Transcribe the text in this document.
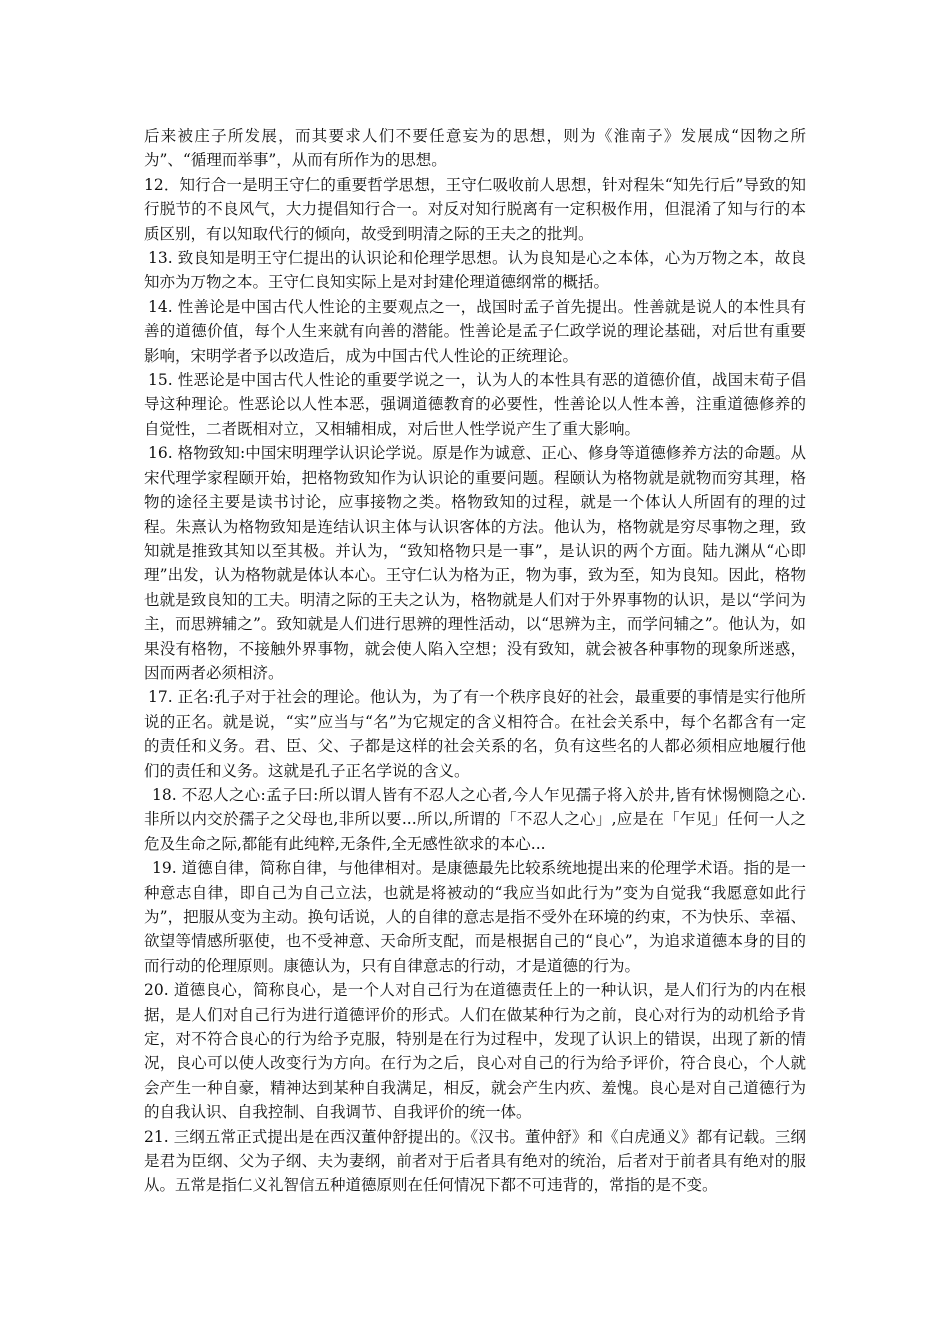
后来被庄子所发展，而其要求人们不要任意妄为的思想，则为《淮南子》发展成“因物之所为”、“循理而举事”，从而有所作为的思想。

12．知行合一是明王守仁的重要哲学思想，王守仁吸收前人思想，针对程朱“知先行后”导致的知行脱节的不良风气，大力提倡知行合一。对反对知行脱离有一定积极作用，但混淆了知与行的本质区别，有以知取代行的倾向，故受到明清之际的王夫之的批判。

13. 致良知是明王守仁提出的认识论和伦理学思想。认为良知是心之本体，心为万物之本，故良知亦为万物之本。王守仁良知实际上是对封建伦理道德纲常的概括。

14. 性善论是中国古代人性论的主要观点之一，战国时孟子首先提出。性善就是说人的本性具有善的道德价值，每个人生来就有向善的潜能。性善论是孟子仁政学说的理论基础，对后世有重要影响，宋明学者予以改造后，成为中国古代人性论的正统理论。

15. 性恶论是中国古代人性论的重要学说之一，认为人的本性具有恶的道德价值，战国末荀子倡导这种理论。性恶论以人性本恶，强调道德教育的必要性，性善论以人性本善，注重道德修养的自觉性，二者既相对立，又相辅相成，对后世人性学说产生了重大影响。

16. 格物致知:中国宋明理学认识论学说。原是作为诚意、正心、修身等道德修养方法的命题。从宋代理学家程颐开始，把格物致知作为认识论的重要问题。程颐认为格物就是就物而穷其理，格物的途径主要是读书讨论，应事接物之类。格物致知的过程，就是一个体认人所固有的理的过程。朱熹认为格物致知是连结认识主体与认识客体的方法。他认为，格物就是穷尽事物之理，致知就是推致其知以至其极。并认为，“致知格物只是一事”，是认识的两个方面。陆九渊从“心即理”出发，认为格物就是体认本心。王守仁认为格为正，物为事，致为至，知为良知。因此，格物也就是致良知的工夫。明清之际的王夫之认为，格物就是人们对于外界事物的认识，是以“学问为主，而思辨辅之”。致知就是人们进行思辨的理性活动，以“思辨为主，而学问辅之”。他认为，如果没有格物，不接触外界事物，就会使人陷入空想；没有致知，就会被各种事物的现象所迷惑，因而两者必须相济。

17. 正名:孔子对于社会的理论。他认为，为了有一个秩序良好的社会，最重要的事情是实行他所说的正名。就是说，“实”应当与“名”为它规定的含义相符合。在社会关系中，每个名都含有一定的责任和义务。君、臣、父、子都是这样的社会关系的名，负有这些名的人都必须相应地履行他们的责任和义务。这就是孔子正名学说的含义。

18. 不忍人之心:孟子曰:所以谓人皆有不忍人之心者,今人乍见孺子将入於井,皆有怵惕恻隐之心.非所以内交於孺子之父母也,非所以要...所以,所谓的「不忍人之心」,应是在「乍见」任何一人之危及生命之际,都能有此纯粹,无条件,全无感性欲求的本心...

19. 道德自律，简称自律，与他律相对。是康德最先比较系统地提出来的伦理学术语。指的是一种意志自律，即自己为自己立法，也就是将被动的“我应当如此行为”变为自觉我“我愿意如此行为”，把服从变为主动。换句话说，人的自律的意志是指不受外在环境的约束，不为快乐、幸福、欲望等情感所驱使，也不受神意、天命所支配，而是根据自己的“良心”，为追求道德本身的目的而行动的伦理原则。康德认为，只有自律意志的行动，才是道德的行为。

20. 道德良心，简称良心，是一个人对自己行为在道德责任上的一种认识，是人们行为的内在根据，是人们对自己行为进行道德评价的形式。人们在做某种行为之前，良心对行为的动机给予肯定，对不符合良心的行为给予克服，特别是在行为过程中，发现了认识上的错误，出现了新的情况，良心可以使人改变行为方向。在行为之后，良心对自己的行为给予评价，符合良心，个人就会产生一种自豪，精神达到某种自我满足，相反，就会产生内疚、羞愧。良心是对自己道德行为的自我认识、自我控制、自我调节、自我评价的统一体。

21. 三纲五常正式提出是在西汉董仲舒提出的。《汉书。董仲舒》和《白虎通义》都有记载。三纲是君为臣纲、父为子纲、夫为妻纲，前者对于后者具有绝对的统治，后者对于前者具有绝对的服从。五常是指仁义礼智信五种道德原则在任何情况下都不可违背的，常指的是不变。
